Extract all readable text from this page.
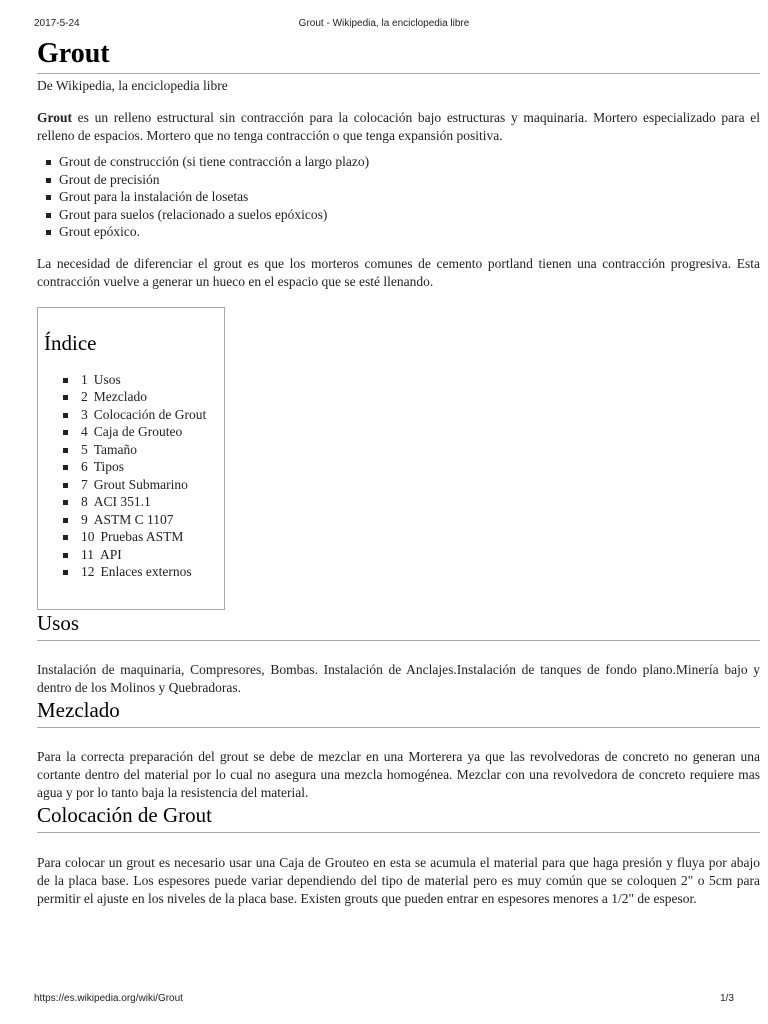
2017-5-24	Grout - Wikipedia, la enciclopedia libre
Grout
De Wikipedia, la enciclopedia libre

Grout es un relleno estructural sin contracción para la colocación bajo estructuras y maquinaria. Mortero especializado para el relleno de espacios. Mortero que no tenga contracción o que tenga expansión positiva.

Grout de construcción (si tiene contracción a largo plazo)
Grout de precisión
Grout para la instalación de losetas
Grout para suelos (relacionado a suelos epóxicos)
Grout epóxico.

La necesidad de diferenciar el grout es que los morteros comunes de cemento portland tienen una contracción progresiva. Esta contracción vuelve a generar un hueco en el espacio que se esté llenando.

Índice
1 Usos
2 Mezclado
3 Colocación de Grout
4 Caja de Grouteo
5 Tamaño
6 Tipos
7 Grout Submarino
8 ACI 351.1
9 ASTM C 1107
10 Pruebas ASTM
11 API
12 Enlaces externos
Usos

Instalación de maquinaria, Compresores, Bombas. Instalación de Anclajes.Instalación de tanques de fondo plano.Minería bajo y dentro de los Molinos y Quebradoras.

Mezclado

Para la correcta preparación del grout se debe de mezclar en una Morterera ya que las revolvedoras de concreto no generan una cortante dentro del material por lo cual no asegura una mezcla homogénea. Mezclar con una revolvedora de concreto requiere mas agua y por lo tanto baja la resistencia del material.

Colocación de Grout

Para colocar un grout es necesario usar una Caja de Grouteo en esta se acumula el material para que haga presión y fluya por abajo de la placa base. Los espesores puede variar dependiendo del tipo de material pero es muy común que se coloquen 2" o 5cm para permitir el ajuste en los niveles de la placa base. Existen grouts que pueden entrar en espesores menores a 1/2" de espesor.

https://es.wikipedia.org/wiki/Grout	1/3
